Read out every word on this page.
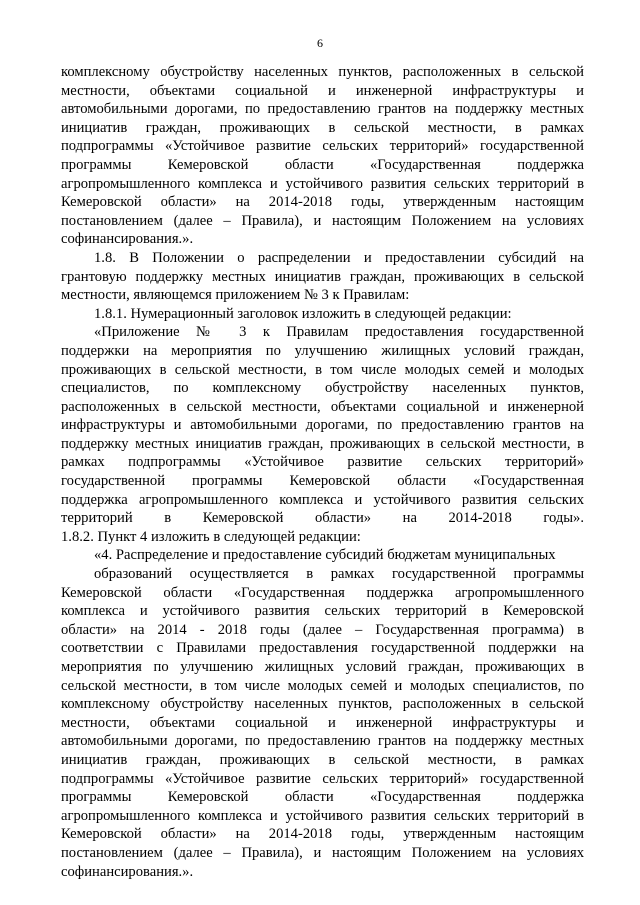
6
комплексному обустройству населенных пунктов, расположенных в сельской
местности, объектами социальной и инженерной инфраструктуры и
автомобильными дорогами, по предоставлению грантов на поддержку местных
инициатив граждан, проживающих в сельской местности, в рамках
подпрограммы «Устойчивое развитие сельских территорий» государственной
программы Кемеровской области «Государственная поддержка
агропромышленного комплекса и устойчивого развития сельских территорий в
Кемеровской области» на 2014-2018 годы, утвержденным настоящим
постановлением (далее – Правила), и настоящим Положением на условиях
софинансирования.».
1.8. В Положении о распределении и предоставлении субсидий на
грантовую поддержку местных инициатив граждан, проживающих в сельской
местности, являющемся приложением № 3 к Правилам:
1.8.1. Нумерационный заголовок изложить в следующей редакции:
«Приложение № 3 к Правилам предоставления государственной
поддержки на мероприятия по улучшению жилищных условий граждан,
проживающих в сельской местности, в том числе молодых семей и молодых
специалистов, по комплексному обустройству населенных пунктов,
расположенных в сельской местности, объектами социальной и инженерной
инфраструктуры и автомобильными дорогами, по предоставлению грантов на
поддержку местных инициатив граждан, проживающих в сельской местности, в
рамках подпрограммы «Устойчивое развитие сельских территорий»
государственной программы Кемеровской области «Государственная
поддержка агропромышленного комплекса и устойчивого развития сельских
территорий в Кемеровской области» на 2014-2018 годы».
1.8.2. Пункт 4 изложить в следующей редакции:
«4. Распределение и предоставление субсидий бюджетам муниципальных
образований осуществляется в рамках государственной программы
Кемеровской области «Государственная поддержка агропромышленного
комплекса и устойчивого развития сельских территорий в Кемеровской
области» на 2014 - 2018 годы (далее – Государственная программа) в
соответствии с Правилами предоставления государственной поддержки на
мероприятия по улучшению жилищных условий граждан, проживающих в
сельской местности, в том числе молодых семей и молодых специалистов, по
комплексному обустройству населенных пунктов, расположенных в сельской
местности, объектами социальной и инженерной инфраструктуры и
автомобильными дорогами, по предоставлению грантов на поддержку местных
инициатив граждан, проживающих в сельской местности, в рамках
подпрограммы «Устойчивое развитие сельских территорий» государственной
программы Кемеровской области «Государственная поддержка
агропромышленного комплекса и устойчивого развития сельских территорий в
Кемеровской области» на 2014-2018 годы, утвержденным настоящим
постановлением (далее – Правила), и настоящим Положением на условиях
софинансирования.».
